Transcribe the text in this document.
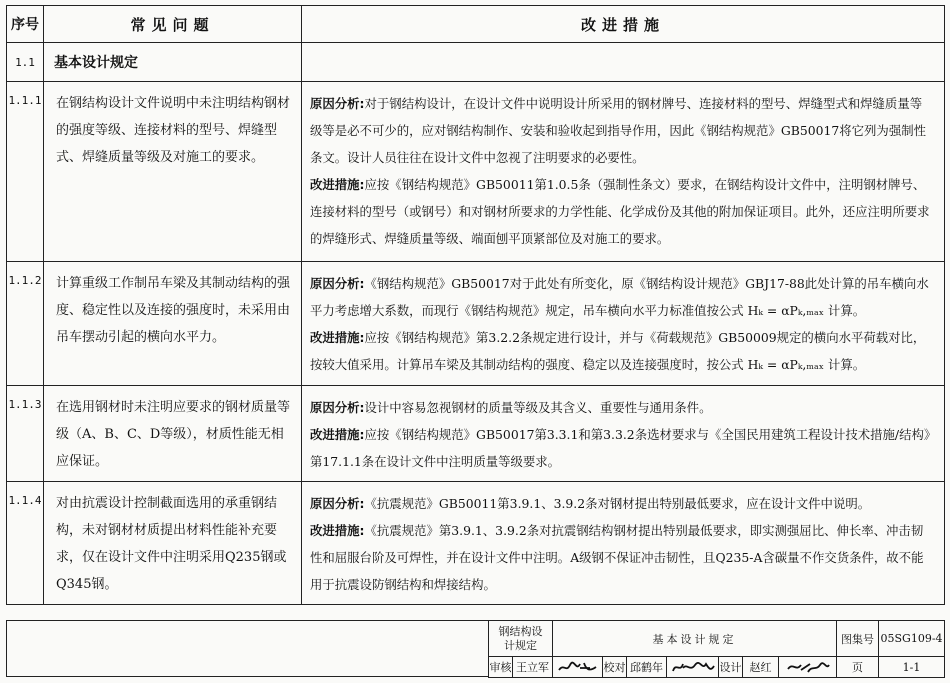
序号	常见问题	改进措施
1.1	基本设计规定	
1.1.1	在钢结构设计文件说明中未注明结构钢材的强度等级、连接材料的型号、焊缝型式、焊缝质量等级及对施工的要求。	原因分析:对于钢结构设计，在设计文件中说明设计所采用的钢材牌号、连接材料的型号、焊缝型式和焊缝质量等级等是必不可少的，应对钢结构制作、安装和验收起到指导作用，因此《钢结构规范》GB50017将它列为强制性条文。设计人员往往在设计文件中忽视了注明要求的必要性。
改进措施:应按《钢结构规范》GB50011第1.0.5条（强制性条文）要求，在钢结构设计文件中，注明钢材牌号、连接材料的型号（或钢号）和对钢材所要求的力学性能、化学成份及其他的附加保证项目。此外，还应注明所要求的焊缝形式、焊缝质量等级、端面刨平顶紧部位及对施工的要求。

1.1.2	计算重级工作制吊车梁及其制动结构的强度、稳定性以及连接的强度时，未采用由吊车摆动引起的横向水平力。	原因分析:《钢结构规范》GB50017对于此处有所变化，原《钢结构设计规范》GBJ17-88此处计算的吊车横向水平力考虑增大系数，而现行《钢结构规范》规定，吊车横向水平力标准值按公式 Hₖ = αPₖ,ₘₐₓ 计算。
改进措施:应按《钢结构规范》第3.2.2条规定进行设计，并与《荷载规范》GB50009规定的横向水平荷载对比，按较大值采用。计算吊车梁及其制动结构的强度、稳定以及连接强度时，按公式 Hₖ = αPₖ,ₘₐₓ 计算。

1.1.3	在选用钢材时未注明应要求的钢材质量等级（A、B、C、D等级），材质性能无相应保证。	原因分析:设计中容易忽视钢材的质量等级及其含义、重要性与通用条件。
改进措施:应按《钢结构规范》GB50017第3.3.1和第3.3.2条选材要求与《全国民用建筑工程设计技术措施/结构》第17.1.1条在设计文件中注明质量等级要求。

1.1.4	对由抗震设计控制截面选用的承重钢结构，未对钢材材质提出材料性能补充要求，仅在设计文件中注明采用Q235钢或Q345钢。	原因分析:《抗震规范》GB50011第3.9.1、3.9.2条对钢材提出特别最低要求，应在设计文件中说明。
改进措施:《抗震规范》第3.9.1、3.9.2条对抗震钢结构钢材提出特别最低要求，即实测强屈比、伸长率、冲击韧性和屈服台阶及可焊性，并在设计文件中注明。A级钢不保证冲击韧性，且Q235-A含碳量不作交货条件，故不能用于抗震设防钢结构和焊接结构。
钢结构设计规定		基本设计规定							图集号	05SG109-4
审核	王立军		校对	邱鹤年		设计	赵红		页	1-1
